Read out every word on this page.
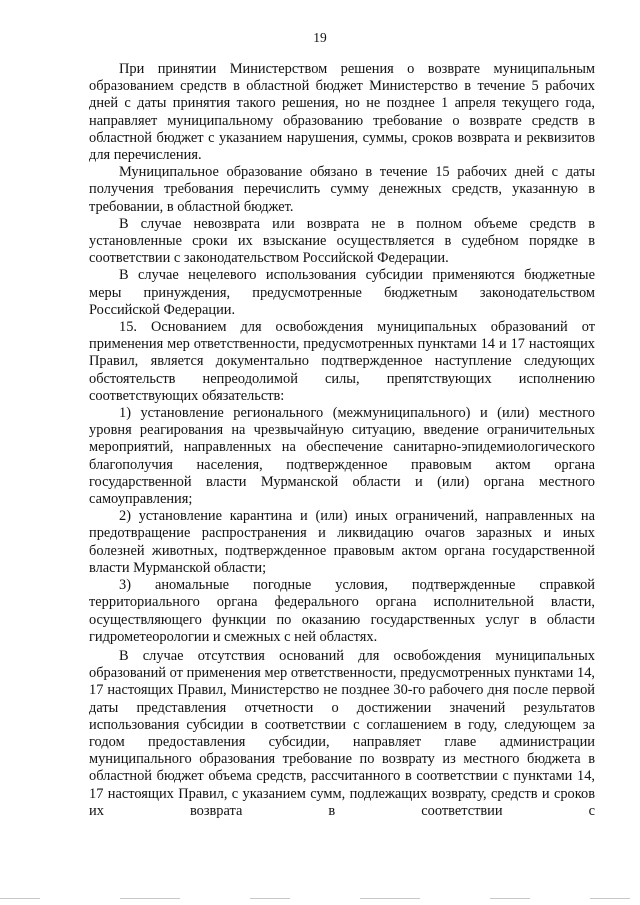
19

При принятии Министерством решения о возврате муниципальным образованием средств в областной бюджет Министерство в течение 5 рабочих дней с даты принятия такого решения, но не позднее 1 апреля текущего года, направляет муниципальному образованию требование о возврате средств в областной бюджет с указанием нарушения, суммы, сроков возврата и реквизитов для перечисления.

Муниципальное образование обязано в течение 15 рабочих дней с даты получения требования перечислить сумму денежных средств, указанную в требовании, в областной бюджет.

В случае невозврата или возврата не в полном объеме средств в установленные сроки их взыскание осуществляется в судебном порядке в соответствии с законодательством Российской Федерации.

В случае нецелевого использования субсидии применяются бюджетные меры принуждения, предусмотренные бюджетным законодательством Российской Федерации.

15. Основанием для освобождения муниципальных образований от применения мер ответственности, предусмотренных пунктами 14 и 17 настоящих Правил, является документально подтвержденное наступление следующих обстоятельств непреодолимой силы, препятствующих исполнению соответствующих обязательств:

1) установление регионального (межмуниципального) и (или) местного уровня реагирования на чрезвычайную ситуацию, введение ограничительных мероприятий, направленных на обеспечение санитарно-эпидемиологического благополучия населения, подтвержденное правовым актом органа государственной власти Мурманской области и (или) органа местного самоуправления;

2) установление карантина и (или) иных ограничений, направленных на предотвращение распространения и ликвидацию очагов заразных и иных болезней животных, подтвержденное правовым актом органа государственной власти Мурманской области;

3) аномальные погодные условия, подтвержденные справкой территориального органа федерального органа исполнительной власти, осуществляющего функции по оказанию государственных услуг в области гидрометеорологии и смежных с ней областях.

В случае отсутствия оснований для освобождения муниципальных образований от применения мер ответственности, предусмотренных пунктами 14, 17 настоящих Правил, Министерство не позднее 30-го рабочего дня после первой даты представления отчетности о достижении значений результатов использования субсидии в соответствии с соглашением в году, следующем за годом предоставления субсидии, направляет главе администрации муниципального образования требование по возврату из местного бюджета в областной бюджет объема средств, рассчитанного в соответствии с пунктами 14, 17 настоящих Правил, с указанием сумм, подлежащих возврату, средств и сроков их возврата в соответствии с
